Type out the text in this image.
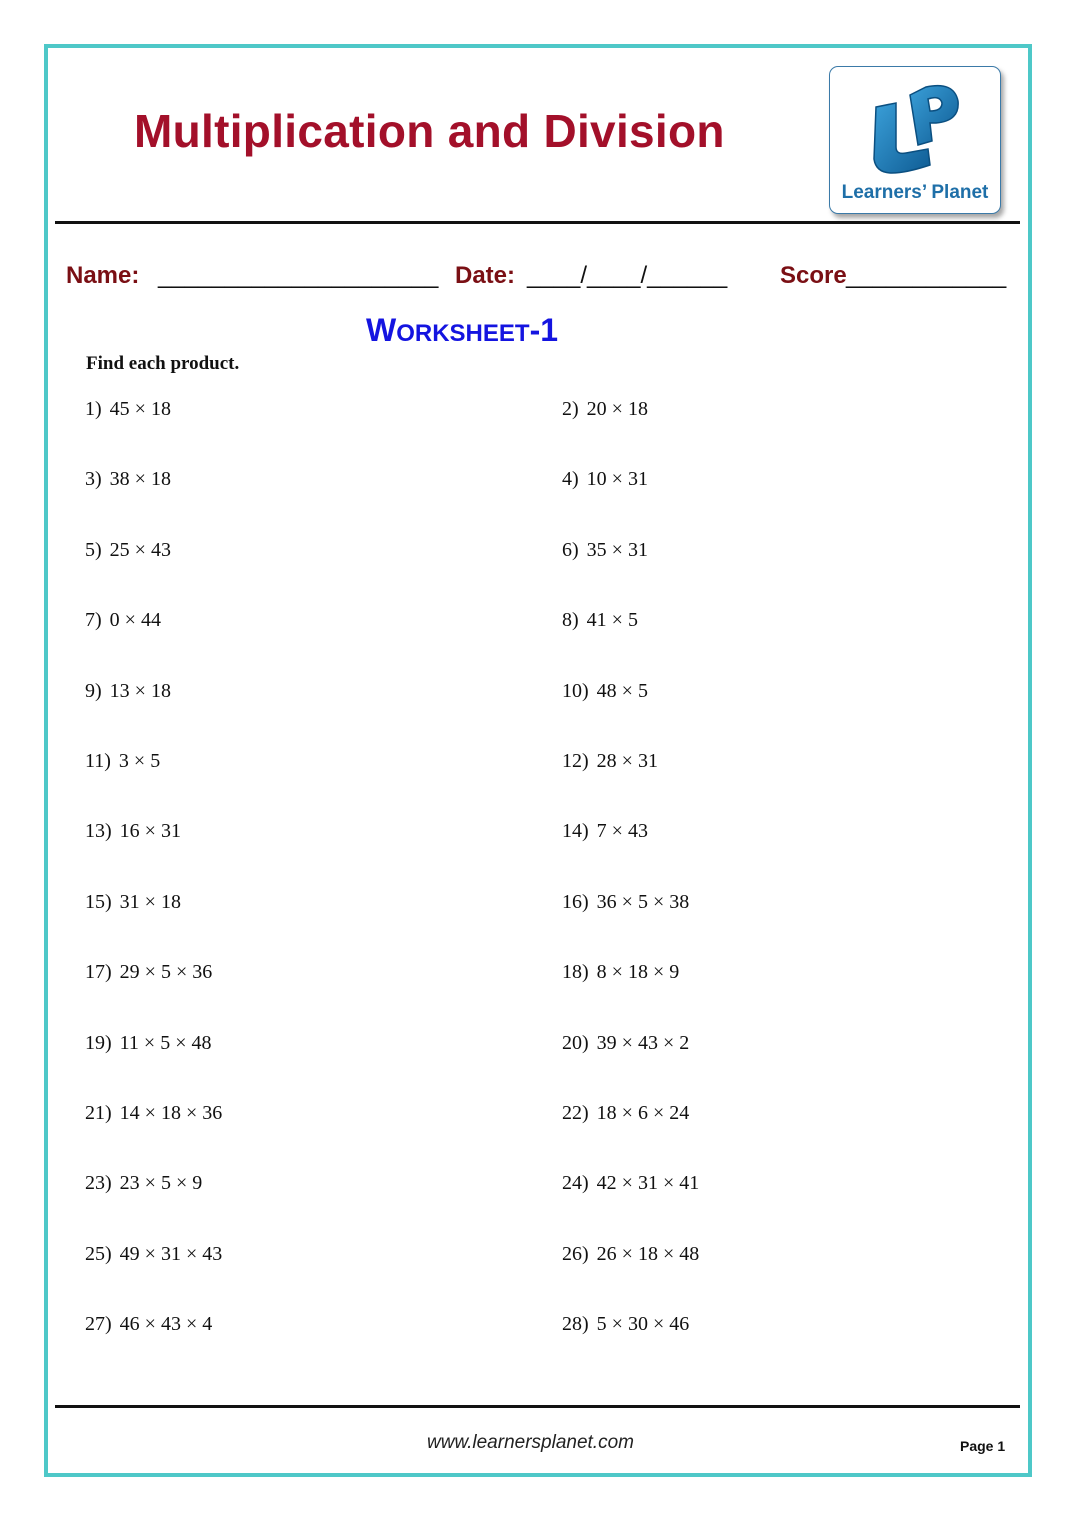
Multiplication and Division
Learners’ Planet
Name: _____________________ Date: ____/____/______ Score ____________
WORKSHEET-1
Find each product.
1) 45 × 18	2) 20 × 18
3) 38 × 18	4) 10 × 31
5) 25 × 43	6) 35 × 31
7) 0 × 44	8) 41 × 5
9) 13 × 18	10) 48 × 5
11) 3 × 5	12) 28 × 31
13) 16 × 31	14) 7 × 43
15) 31 × 18	16) 36 × 5 × 38
17) 29 × 5 × 36	18) 8 × 18 × 9
19) 11 × 5 × 48	20) 39 × 43 × 2
21) 14 × 18 × 36	22) 18 × 6 × 24
23) 23 × 5 × 9	24) 42 × 31 × 41
25) 49 × 31 × 43	26) 26 × 18 × 48
27) 46 × 43 × 4	28) 5 × 30 × 46
www.learnersplanet.com	Page 1
